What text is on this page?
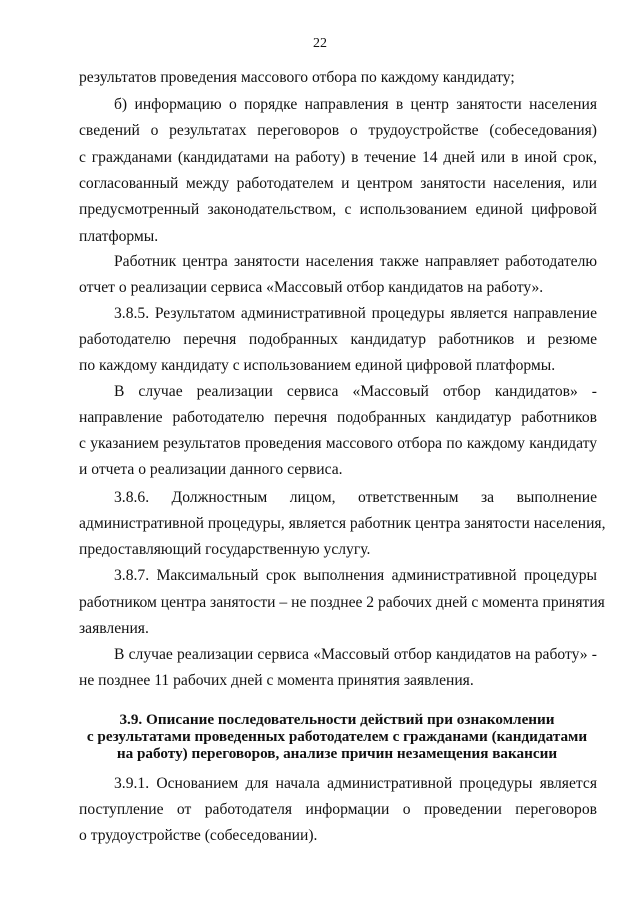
22
результатов проведения массового отбора по каждому кандидату;
б) информацию о порядке направления в центр занятости населения
сведений о результатах переговоров о трудоустройстве (собеседования)
с гражданами (кандидатами на работу) в течение 14 дней или в иной срок,
согласованный между работодателем и центром занятости населения, или
предусмотренный законодательством, с использованием единой цифровой
платформы.
Работник центра занятости населения также направляет работодателю
отчет о реализации сервиса «Массовый отбор кандидатов на работу».
3.8.5. Результатом административной процедуры является направление
работодателю перечня подобранных кандидатур работников и резюме
по каждому кандидату с использованием единой цифровой платформы.
В случае реализации сервиса «Массовый отбор кандидатов» -
направление работодателю перечня подобранных кандидатур работников
с указанием результатов проведения массового отбора по каждому кандидату
и отчета о реализации данного сервиса.
3.8.6. Должностным лицом, ответственным за выполнение
административной процедуры, является работник центра занятости населения,
предоставляющий государственную услугу.
3.8.7. Максимальный срок выполнения административной процедуры
работником центра занятости – не позднее 2 рабочих дней с момента принятия
заявления.
В случае реализации сервиса «Массовый отбор кандидатов на работу» -
не позднее 11 рабочих дней с момента принятия заявления.
3.9. Описание последовательности действий при ознакомлении
с результатами проведенных работодателем с гражданами (кандидатами
на работу) переговоров, анализе причин незамещения вакансии
3.9.1. Основанием для начала административной процедуры является
поступление от работодателя информации о проведении переговоров
о трудоустройстве (собеседовании).
